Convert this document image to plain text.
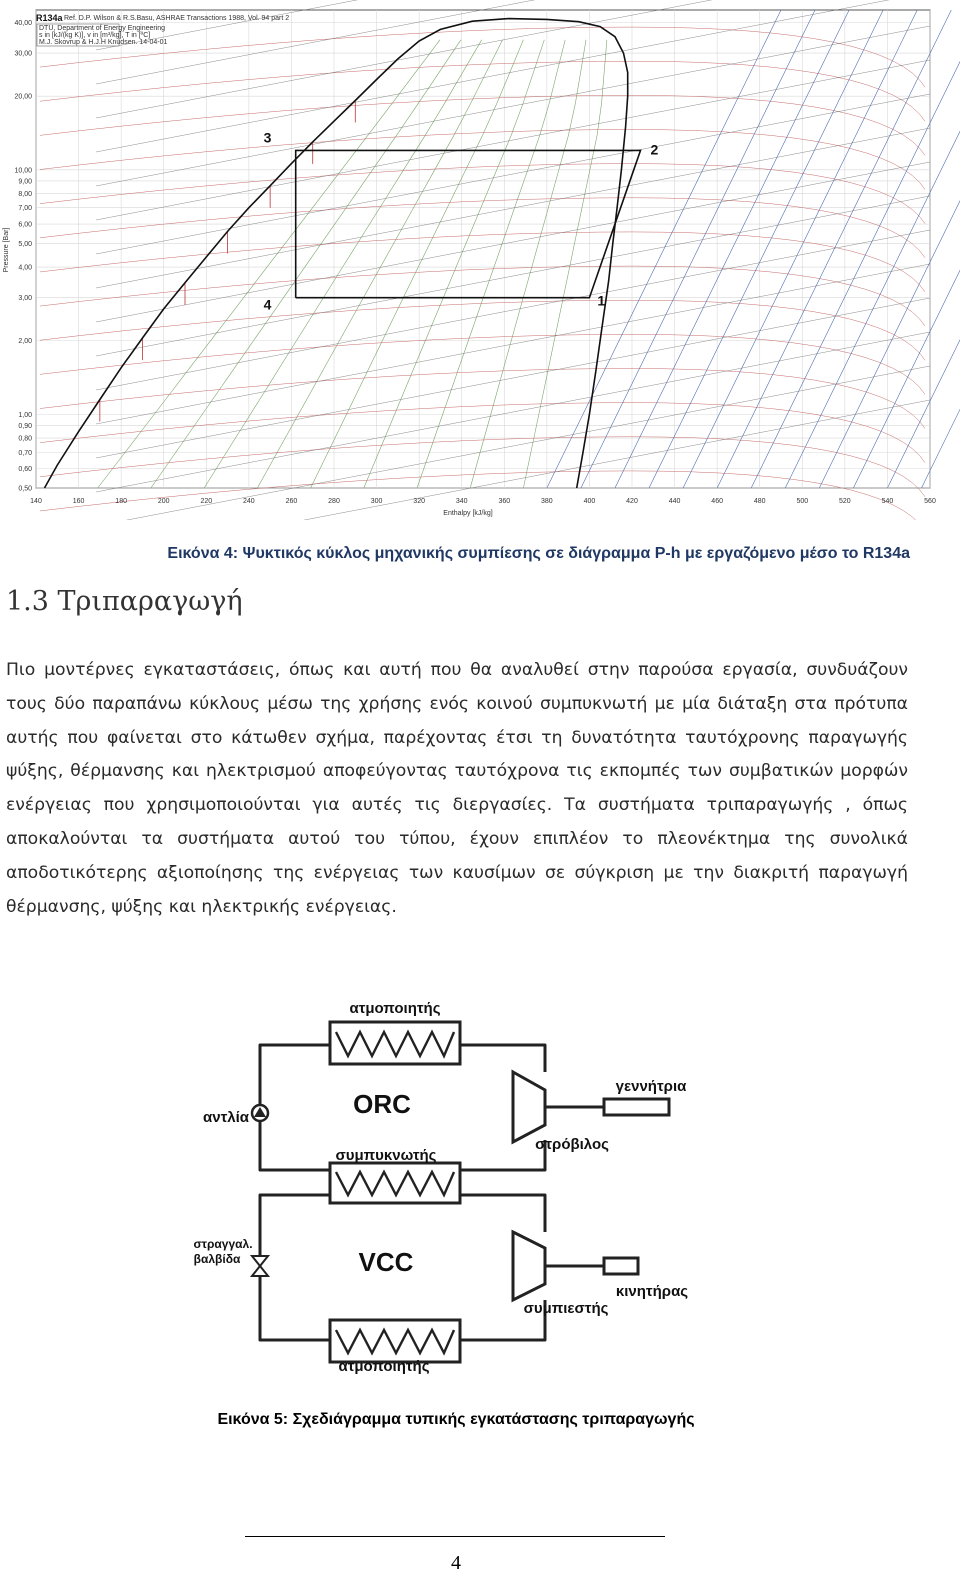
1
2
3
4
40,00
30,00
20,00
10,00
9,00
8,00
7,00
6,00
5,00
4,00
3,00
2,00
1,00
0,90
0,80
0,70
0,60
0,50
140	160	180	200	220	240	260	280	300	320	340	360	380	400	420	440	460	480	500	520	540	560
R134a Ref. D.P. Wilson & R.S.Basu, ASHRAE Transactions 1988, Vol. 94 part 2
DTU, Department of Energy Engineering
s in [kJ/(kg K)], v in [m³/kg], T in [ºC]
M.J. Skovrup & H.J.H Knudsen. 14-04-01
Pressure [Bar]
Enthalpy [kJ/kg]
Εικόνα 4: Ψυκτικός κύκλος μηχανικής συμπίεσης σε διάγραμμα P-h με εργαζόμενο μέσο το R134a
1.3 Τριπαραγωγή
Πιο μοντέρνες εγκαταστάσεις, όπως και αυτή που θα αναλυθεί στην παρούσα εργασία, συνδυάζουν τους δύο παραπάνω κύκλους μέσω της χρήσης ενός κοινού συμπυκνωτή με μία διάταξη στα πρότυπα αυτής που φαίνεται στο κάτωθεν σχήμα, παρέχοντας έτσι τη δυνατότητα ταυτόχρονης παραγωγής ψύξης, θέρμανσης και ηλεκτρισμού αποφεύγοντας ταυτόχρονα τις εκπομπές των συμβατικών μορφών ενέργειας που χρησιμοποιούνται για αυτές τις διεργασίες. Τα συστήματα τριπαραγωγής , όπως αποκαλούνται τα συστήματα αυτού του τύπου, έχουν επιπλέον το πλεονέκτημα της συνολικά αποδοτικότερης αξιοποίησης της ενέργειας των καυσίμων σε σύγκριση με την διακριτή παραγωγή θέρμανσης, ψύξης και ηλεκτρικής ενέργειας.
ατμοποιητής
ORC
αντλία
στρόβιλος
γεννήτρια
συμπυκνωτής
στραγγαλ.
βαλβίδα	VCC
κινητήρας
συμπιεστής
ατμοποιητής
Εικόνα 5: Σχεδιάγραμμα τυπικής εγκατάστασης τριπαραγωγής
4
